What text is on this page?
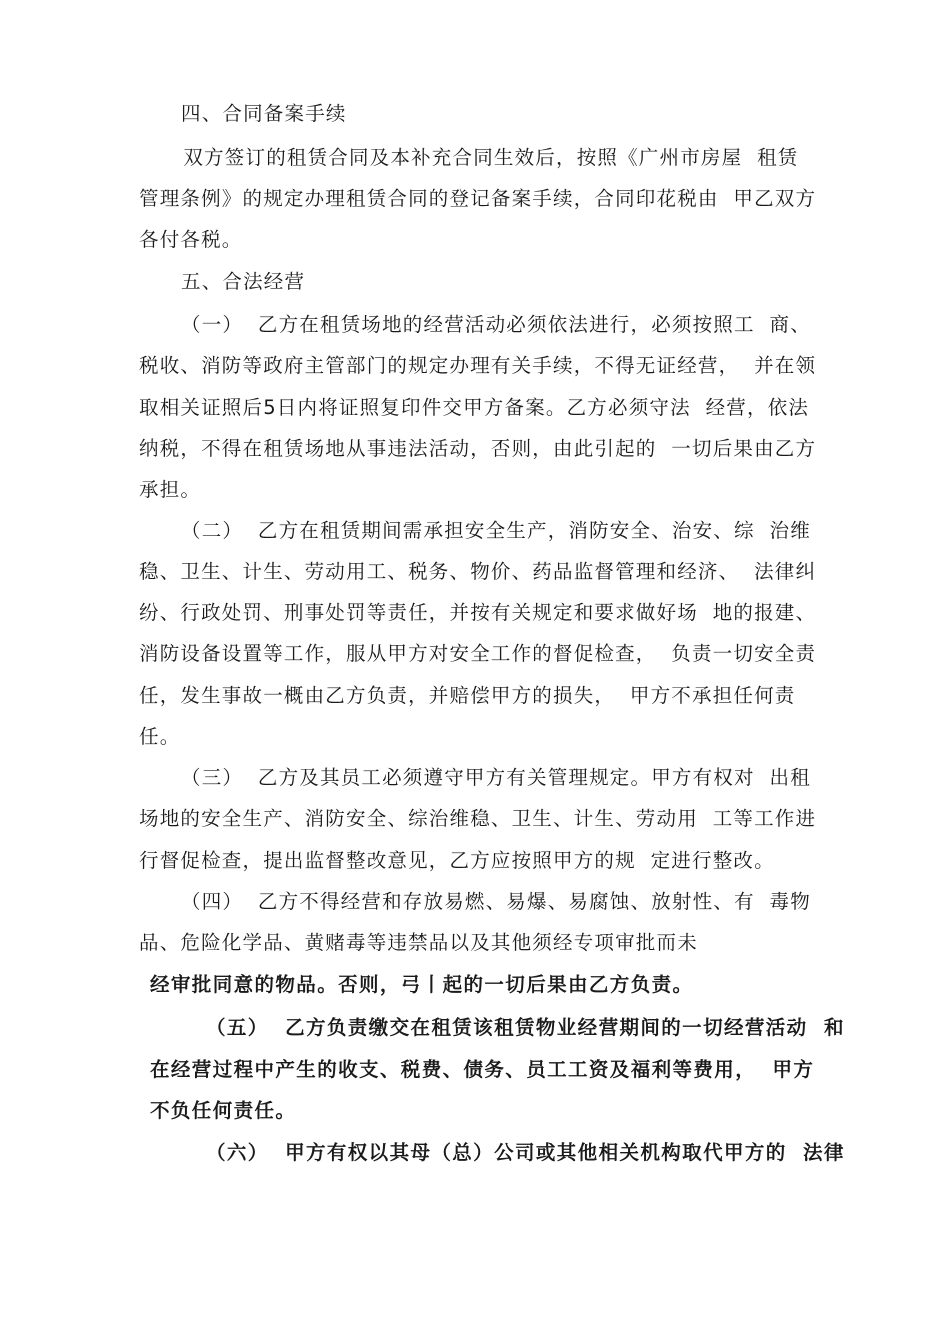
四、合同备案手续
双方签订的租赁合同及本补充合同生效后，按照《广州市房屋  租赁
管理条例》的规定办理租赁合同的登记备案手续，合同印花税由  甲乙双方
各付各税。
五、合法经营
（一）  乙方在租赁场地的经营活动必须依法进行，必须按照工  商、
税收、消防等政府主管部门的规定办理有关手续，不得无证经营，  并在领
取相关证照后5日内将证照复印件交甲方备案。乙方必须守法  经营，依法
纳税，不得在租赁场地从事违法活动，否则，由此引起的  一切后果由乙方
承担。
（二）  乙方在租赁期间需承担安全生产，消防安全、治安、综  治维
稳、卫生、计生、劳动用工、税务、物价、药品监督管理和经济、  法律纠
纷、行政处罚、刑事处罚等责任，并按有关规定和要求做好场  地的报建、
消防设备设置等工作，服从甲方对安全工作的督促检查，  负责一切安全责
任，发生事故一概由乙方负责，并赔偿甲方的损失，  甲方不承担任何责
任。
（三）  乙方及其员工必须遵守甲方有关管理规定。甲方有权对  出租
场地的安全生产、消防安全、综治维稳、卫生、计生、劳动用  工等工作进
行督促检查，提出监督整改意见，乙方应按照甲方的规  定进行整改。
（四）  乙方不得经营和存放易燃、易爆、易腐蚀、放射性、有  毒物
品、危险化学品、黄赌毒等违禁品以及其他须经专项审批而未
经审批同意的物品。否则，弓丨起的一切后果由乙方负责。
（五）  乙方负责缴交在租赁该租赁物业经营期间的一切经营活动  和
在经营过程中产生的收支、税费、债务、员工工资及福利等费用，  甲方
不负任何责任。
（六）  甲方有权以其母（总）公司或其他相关机构取代甲方的  法律
